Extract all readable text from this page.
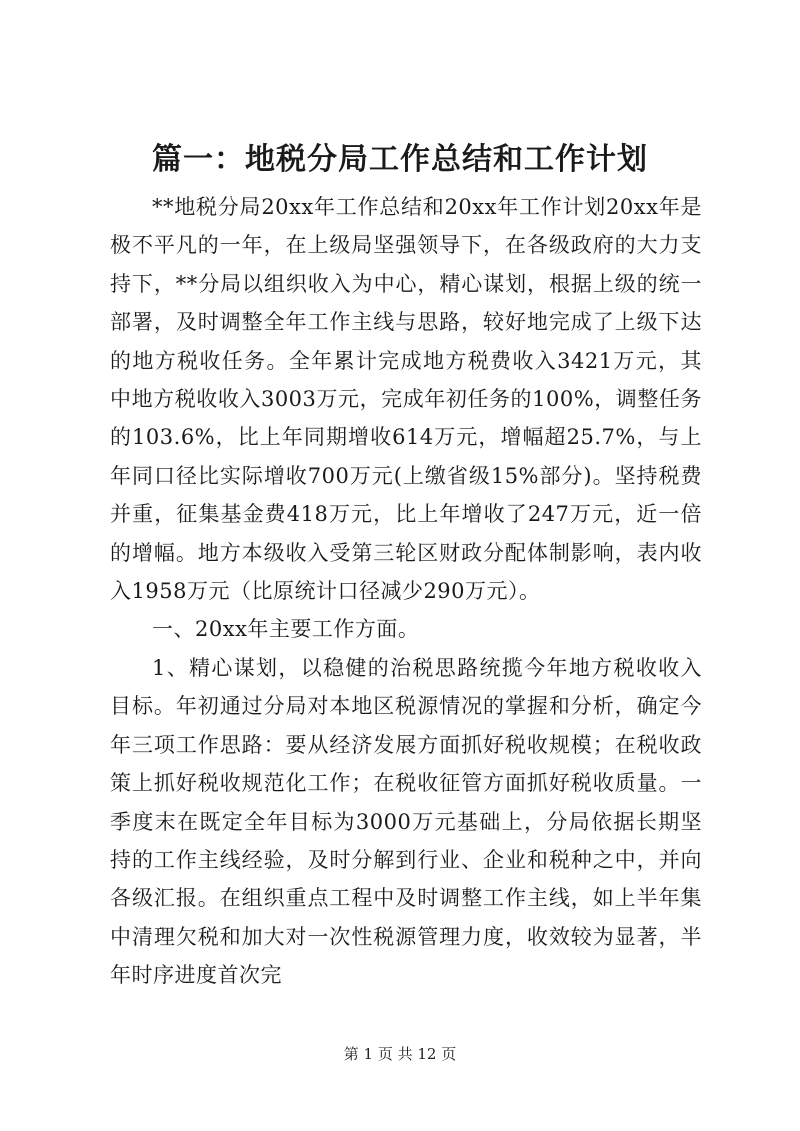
篇一：地税分局工作总结和工作计划

**地税分局20xx年工作总结和20xx年工作计划20xx年是极不平凡的一年，在上级局坚强领导下，在各级政府的大力支持下，**分局以组织收入为中心，精心谋划，根据上级的统一部署，及时调整全年工作主线与思路，较好地完成了上级下达的地方税收任务。全年累计完成地方税费收入3421万元，其中地方税收收入3003万元，完成年初任务的100%，调整任务的103.6%，比上年同期增收614万元，增幅超25.7%，与上年同口径比实际增收700万元(上缴省级15%部分)。坚持税费并重，征集基金费418万元，比上年增收了247万元，近一倍的增幅。地方本级收入受第三轮区财政分配体制影响，表内收入1958万元（比原统计口径减少290万元）。

一、20xx年主要工作方面。

1、精心谋划，以稳健的治税思路统揽今年地方税收收入目标。年初通过分局对本地区税源情况的掌握和分析，确定今年三项工作思路：要从经济发展方面抓好税收规模；在税收政策上抓好税收规范化工作；在税收征管方面抓好税收质量。一季度末在既定全年目标为3000万元基础上，分局依据长期坚持的工作主线经验，及时分解到行业、企业和税种之中，并向各级汇报。在组织重点工程中及时调整工作主线，如上半年集中清理欠税和加大对一次性税源管理力度，收效较为显著，半年时序进度首次完

第 1 页 共 12 页
